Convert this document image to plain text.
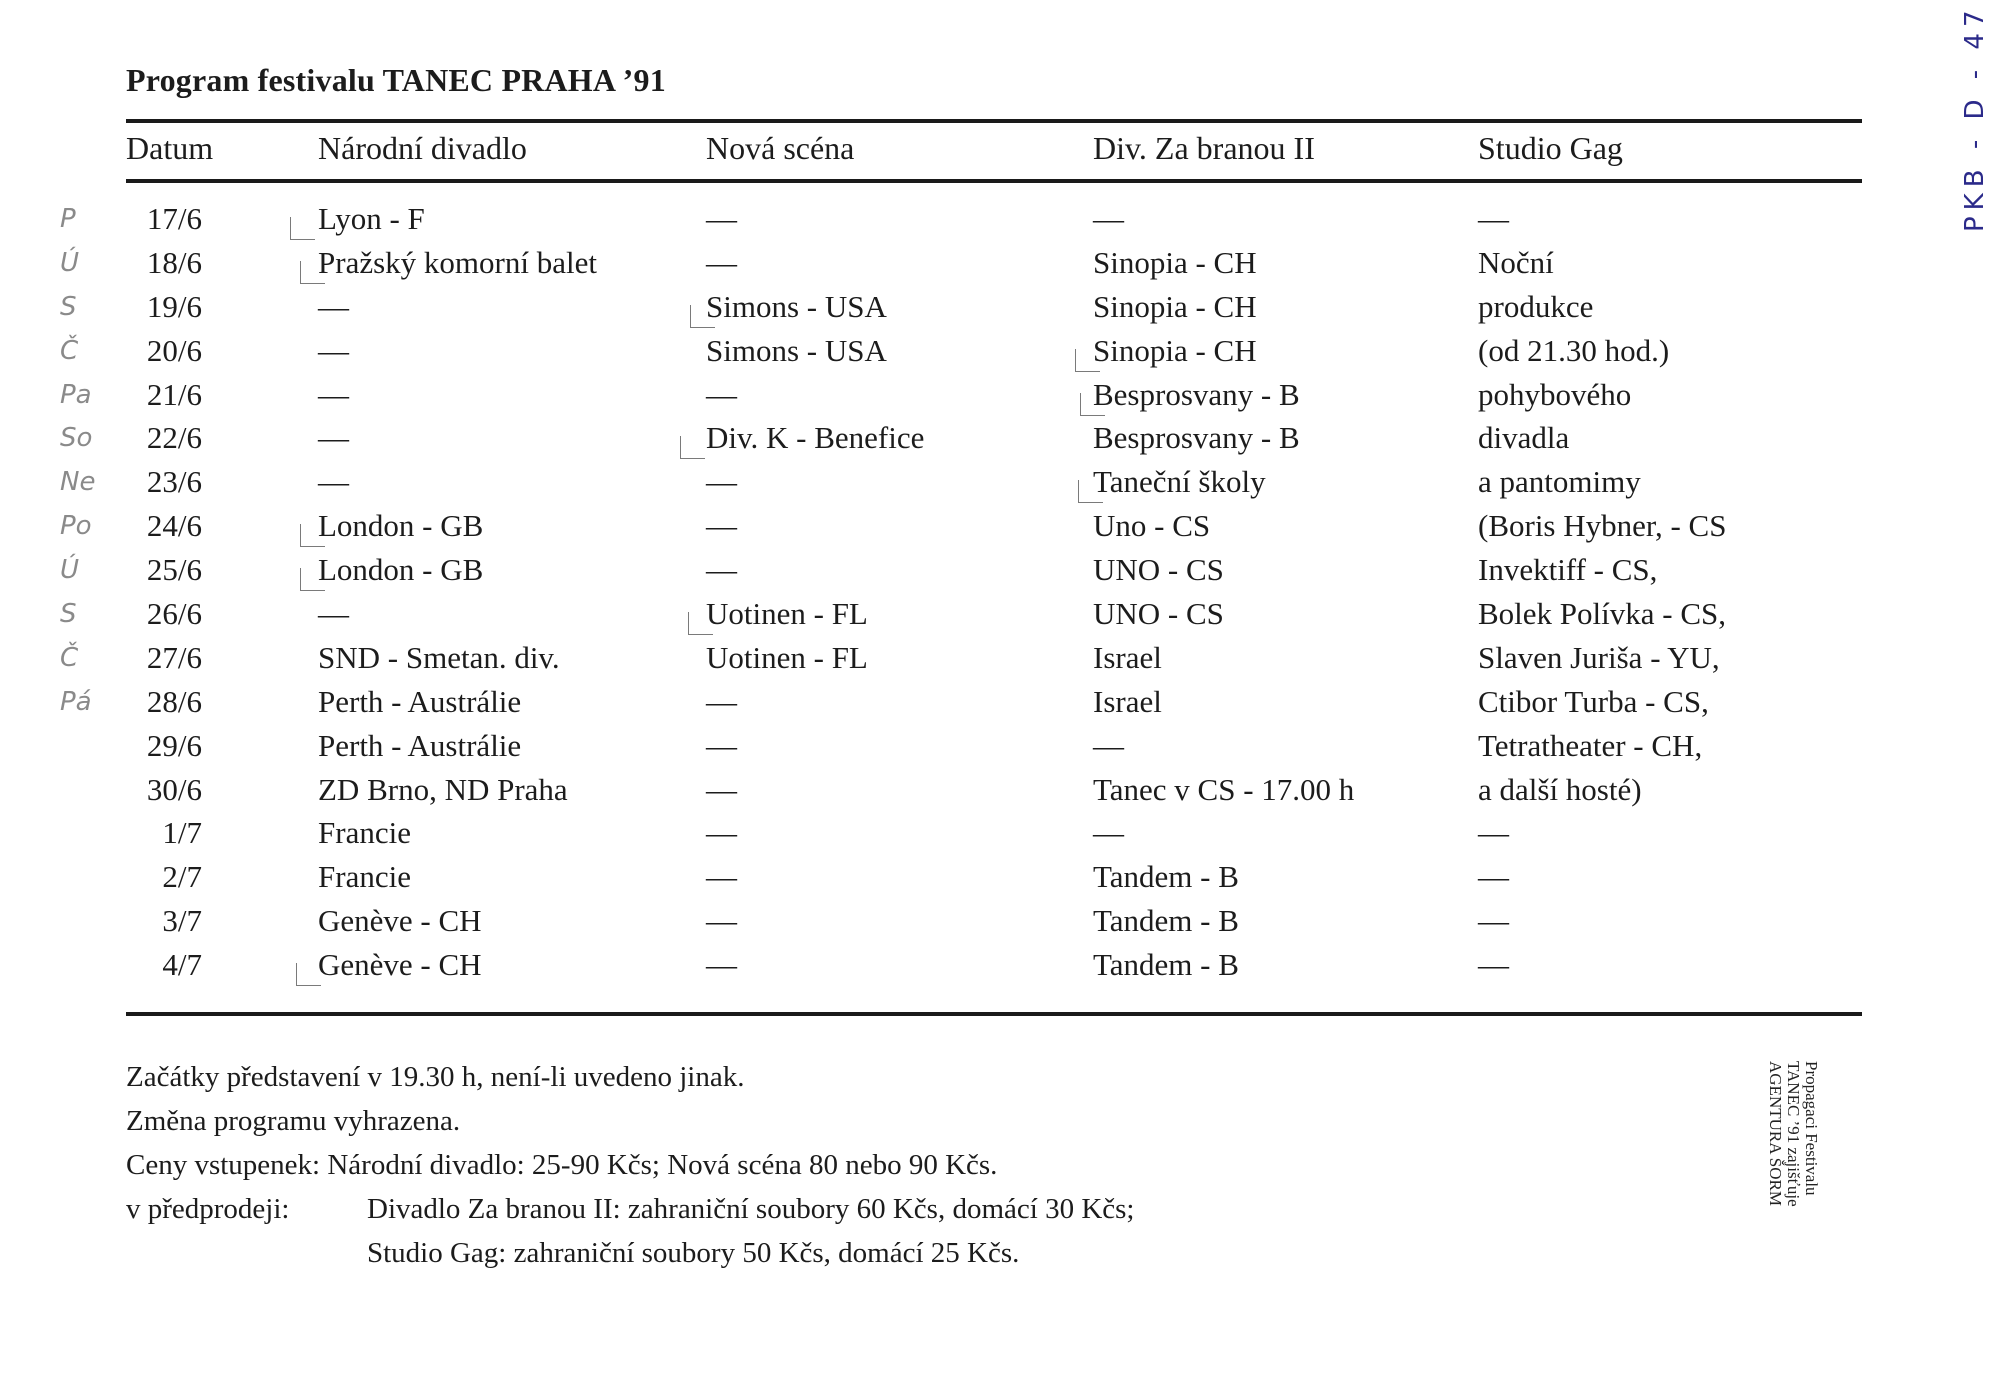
Program festivalu TANEC PRAHA ’91
Datum	Národní divadlo	Nová scéna	Div. Za branou II	Studio Gag
P	17/6	Lyon - F	—	—	—
Ú	18/6	Pražský komorní balet	—	Sinopia - CH	Noční
S	19/6	—	Simons - USA	Sinopia - CH	produkce
Č	20/6	—	Simons - USA	Sinopia - CH	(od 21.30 hod.)
Pa	21/6	—	—	Besprosvany - B	pohybového
So	22/6	—	Div. K - Benefice	Besprosvany - B	divadla
Ne	23/6	—	—	Taneční školy	a pantomimy
Po	24/6	London - GB	—	Uno - CS	(Boris Hybner, - CS
Ú	25/6	London - GB	—	UNO - CS	Invektiff - CS,
S	26/6	—	Uotinen - FL	UNO - CS	Bolek Polívka - CS,
Č	27/6	SND - Smetan. div.	Uotinen - FL	Israel	Slaven Juriša - YU,
Pá	28/6	Perth - Austrálie	—	Israel	Ctibor Turba - CS,
29/6	Perth - Austrálie	—	—	Tetratheater - CH,
30/6	ZD Brno, ND Praha	—	Tanec v CS - 17.00 h	a další hosté)
1/7	Francie	—	—	—
2/7	Francie	—	Tandem - B	—
3/7	Genève - CH	—	Tandem - B	—
4/7	Genève - CH	—	Tandem - B	—
Začátky představení v 19.30 h, není-li uvedeno jinak.
Změna programu vyhrazena.
Ceny vstupenek: Národní divadlo: 25-90 Kčs; Nová scéna 80 nebo 90 Kčs.
v předprodeji:	Divadlo Za branou II: zahraniční soubory 60 Kčs, domácí 30 Kčs;
Studio Gag: zahraniční soubory 50 Kčs, domácí 25 Kčs.
Propagaci Festivalu
TANEC ’91 zajišťuje
AGENTURA ŠORM
PKB - D - 47
